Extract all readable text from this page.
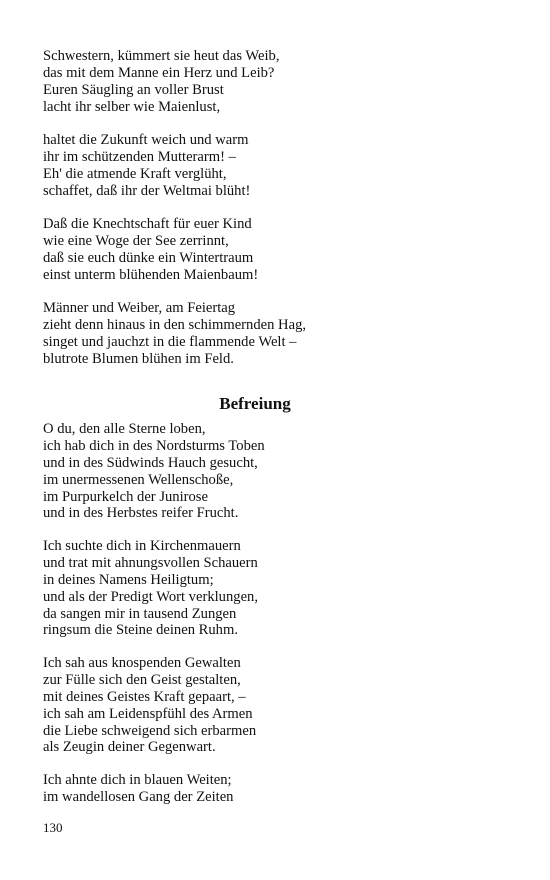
Schwestern, kümmert sie heut das Weib,
das mit dem Manne ein Herz und Leib?
Euren Säugling an voller Brust
lacht ihr selber wie Maienlust,
haltet die Zukunft weich und warm
ihr im schützenden Mutterarm! –
Eh' die atmende Kraft verglüht,
schaffet, daß ihr der Weltmai blüht!
Daß die Knechtschaft für euer Kind
wie eine Woge der See zerrinnt,
daß sie euch dünke ein Wintertraum
einst unterm blühenden Maienbaum!
Männer und Weiber, am Feiertag
zieht denn hinaus in den schimmernden Hag,
singet und jauchzt in die flammende Welt –
blutrote Blumen blühen im Feld.
Befreiung
O du, den alle Sterne loben,
ich hab dich in des Nordsturms Toben
und in des Südwinds Hauch gesucht,
im unermessenen Wellenschoße,
im Purpurkelch der Junirose
und in des Herbstes reifer Frucht.
Ich suchte dich in Kirchenmauern
und trat mit ahnungsvollen Schauern
in deines Namens Heiligtum;
und als der Predigt Wort verklungen,
da sangen mir in tausend Zungen
ringsum die Steine deinen Ruhm.
Ich sah aus knospenden Gewalten
zur Fülle sich den Geist gestalten,
mit deines Geistes Kraft gepaart, –
ich sah am Leidenspfühl des Armen
die Liebe schweigend sich erbarmen
als Zeugin deiner Gegenwart.
Ich ahnte dich in blauen Weiten;
im wandellosen Gang der Zeiten
130
